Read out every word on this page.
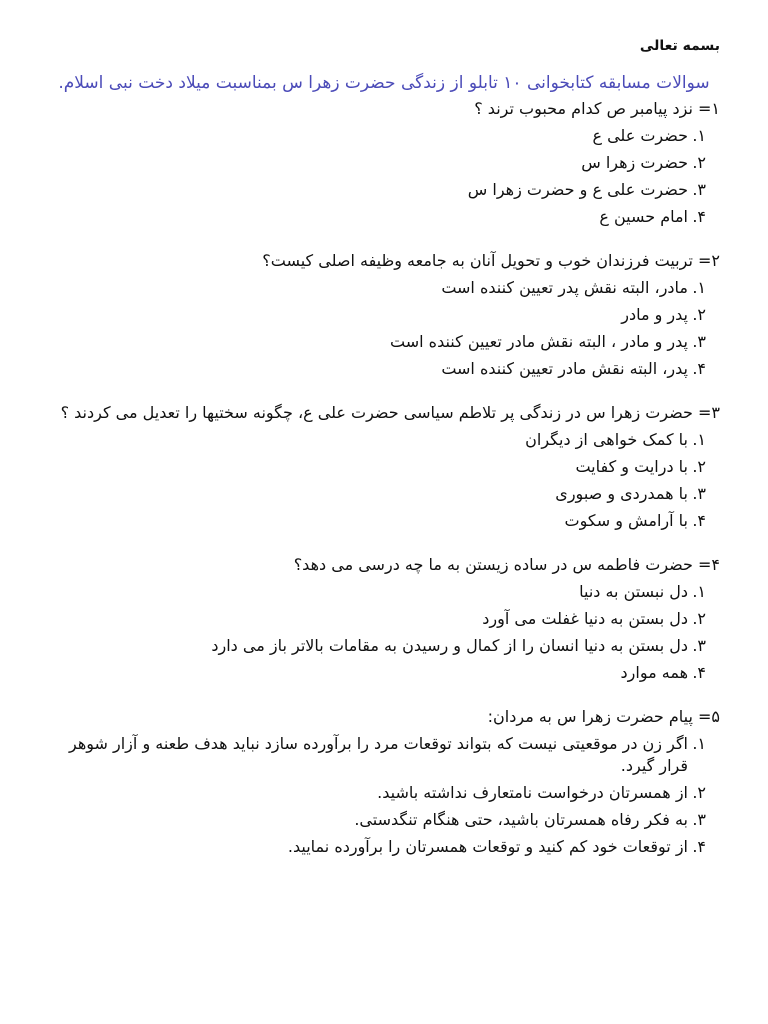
بسمه تعالی
سوالات مسابقه کتابخوانی ۱۰ تابلو از زندگی حضرت زهرا س بمناسبت میلاد دخت نبی اسلام.
۱= نزد پیامبر ص کدام محبوب ترند ؟
۱.
حضرت علی ع
۲.
حضرت زهرا س
۳.
حضرت علی ع و حضرت زهرا س
۴.
امام حسین ع
۲= تربیت فرزندان خوب و تحویل آنان به جامعه وظیفه اصلی کیست؟
۱.
مادر، البته نقش پدر تعیین کننده است
۲.
پدر و مادر
۳.
پدر و مادر ، البته نقش مادر تعیین کننده است
۴.
پدر، البته نقش مادر تعیین کننده است
۳= حضرت زهرا س در زندگی پر تلاطم سیاسی حضرت علی ع، چگونه سختیها را تعدیل می کردند ؟
۱.
با کمک خواهی از دیگران
۲.
با درایت و کفایت
۳.
با همدردی و صبوری
۴.
با آرامش و سکوت
۴= حضرت فاطمه س در ساده زیستن به ما چه درسی می دهد؟
۱.
دل نبستن به دنیا
۲.
دل بستن به دنیا غفلت می آورد
۳.
دل بستن به دنیا انسان را از کمال و رسیدن به مقامات بالاتر باز می دارد
۴.
همه موارد
۵= پیام حضرت زهرا س به مردان:
۱.
اگر زن در موقعیتی نیست که بتواند توقعات مرد را برآورده سازد نباید هدف طعنه و آزار شوهر قرار گیرد.
۲.
از همسرتان درخواست نامتعارف نداشته باشید.
۳.
به فکر رفاه همسرتان باشید، حتی هنگام تنگدستی.
۴.
از توقعات خود کم کنید و توقعات همسرتان را برآورده نمایید.
